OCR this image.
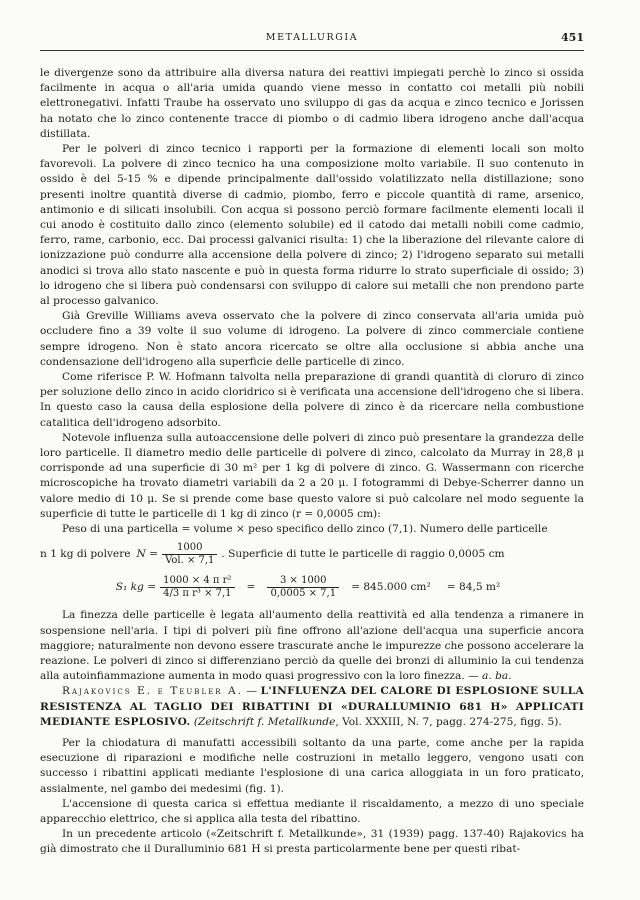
METALLURGIA	451

le divergenze sono da attribuire alla diversa natura dei reattivi impiegati perchè lo zinco si ossida facilmente in acqua o all'aria umida quando viene messo in contatto coi metalli più nobili elettronegativi. Infatti Traube ha osservato uno sviluppo di gas da acqua e zinco tecnico e Jorissen ha notato che lo zinco contenente tracce di piombo o di cadmio libera idrogeno anche dall'acqua distillata.

Per le polveri di zinco tecnico i rapporti per la formazione di elementi locali son molto favorevoli. La polvere di zinco tecnico ha una composizione molto variabile. Il suo contenuto in ossido è del 5-15 % e dipende principalmente dall'ossido volatilizzato nella distillazione; sono presenti inoltre quantità diverse di cadmio, piombo, ferro e piccole quantità di rame, arsenico, antimonio e di silicati insolubili. Con acqua si possono perciò formare facilmente elementi locali il cui anodo è costituito dallo zinco (elemento solubile) ed il catodo dai metalli nobili come cadmio, ferro, rame, carbonio, ecc. Dai processi galvanici risulta: 1) che la liberazione del rilevante calore di ionizzazione può condurre alla accensione della polvere di zinco; 2) l'idrogeno separato sui metalli anodici si trova allo stato nascente e può in questa forma ridurre lo strato superficiale di ossido; 3) lo idrogeno che si libera può condensarsi con sviluppo di calore sui metalli che non prendono parte al processo galvanico.

Già Greville Williams aveva osservato che la polvere di zinco conservata all'aria umida può occludere fino a 39 volte il suo volume di idrogeno. La polvere di zinco commerciale contiene sempre idrogeno. Non è stato ancora ricercato se oltre alla occlusione si abbia anche una condensazione dell'idrogeno alla superficie delle particelle di zinco.

Come riferisce P. W. Hofmann talvolta nella preparazione di grandi quantità di cloruro di zinco per soluzione dello zinco in acido cloridrico si è verificata una accensione dell'idrogeno che si libera. In questo caso la causa della esplosione della polvere di zinco è da ricercare nella combustione catalitica dell'idrogeno adsorbito.

Notevole influenza sulla autoaccensione delle polveri di zinco può presentare la grandezza delle loro particelle. Il diametro medio delle particelle di polvere di zinco, calcolato da Murray in 28,8 μ corrisponde ad una superficie di 30 m² per 1 kg di polvere di zinco. G. Wassermann con ricerche microscopiche ha trovato diametri variabili da 2 a 20 μ. I fotogrammi di Debye-Scherrer danno un valore medio di 10 μ. Se si prende come base questo valore si può calcolare nel modo seguente la superficie di tutte le particelle di 1 kg di zinco (r = 0,0005 cm):

Peso di una particella = volume × peso specifico dello zinco (7,1). Numero delle particelle

n 1 kg di polvere $N = \frac{1000}{\text{Vol. × 7,1}}$ . Superficie di tutte le particelle di raggio 0,0005 cm
S₁ kg = $\frac{\text{1000 × 4 π r²}}{\text{4/3 π r³ × 7,1}} = \frac{3 \times 1000}{0,0005 \times 7,1} = 845.000$ cm² = 84,5 m²

La finezza delle particelle è legata all'aumento della reattività ed alla tendenza a rimanere in sospensione nell'aria. I tipi di polveri più fine offrono all'azione dell'acqua una superficie ancora maggiore; naturalmente non devono essere trascurate anche le impurezze che possono accelerare la reazione. Le polveri di zinco si differenziano perciò da quelle dei bronzi di alluminio la cui tendenza alla autoinfiammazione aumenta in modo quasi progressivo con la loro finezza. — a. ba.

Rajakovics E. e Teubler A. — L'INFLUENZA DEL CALORE DI ESPLOSIONE SULLA RESISTENZA AL TAGLIO DEI RIBATTINI DI «DURALLUMINIO 681 H» APPLICATI MEDIANTE ESPLOSIVO. (Zeitschrift f. Metallkunde, Vol. XXXIII, N. 7, pagg. 274-275, figg. 5).

Per la chiodatura di manufatti accessibili soltanto da una parte, come anche per la rapida esecuzione di riparazioni e modifiche nelle costruzioni in metallo leggero, vengono usati con successo i ribattini applicati mediante l'esplosione di una carica alloggiata in un foro praticato, assialmente, nel gambo dei medesimi (fig. 1).

L'accensione di questa carica si effettua mediante il riscaldamento, a mezzo di uno speciale apparecchio elettrico, che si applica alla testa del ribattino.

In un precedente articolo («Zeitschrift f. Metallkunde», 31 (1939) pagg. 137-40) Rajakovics ha già dimostrato che il Duralluminio 681 H si presta particolarmente bene per questi ribat-
